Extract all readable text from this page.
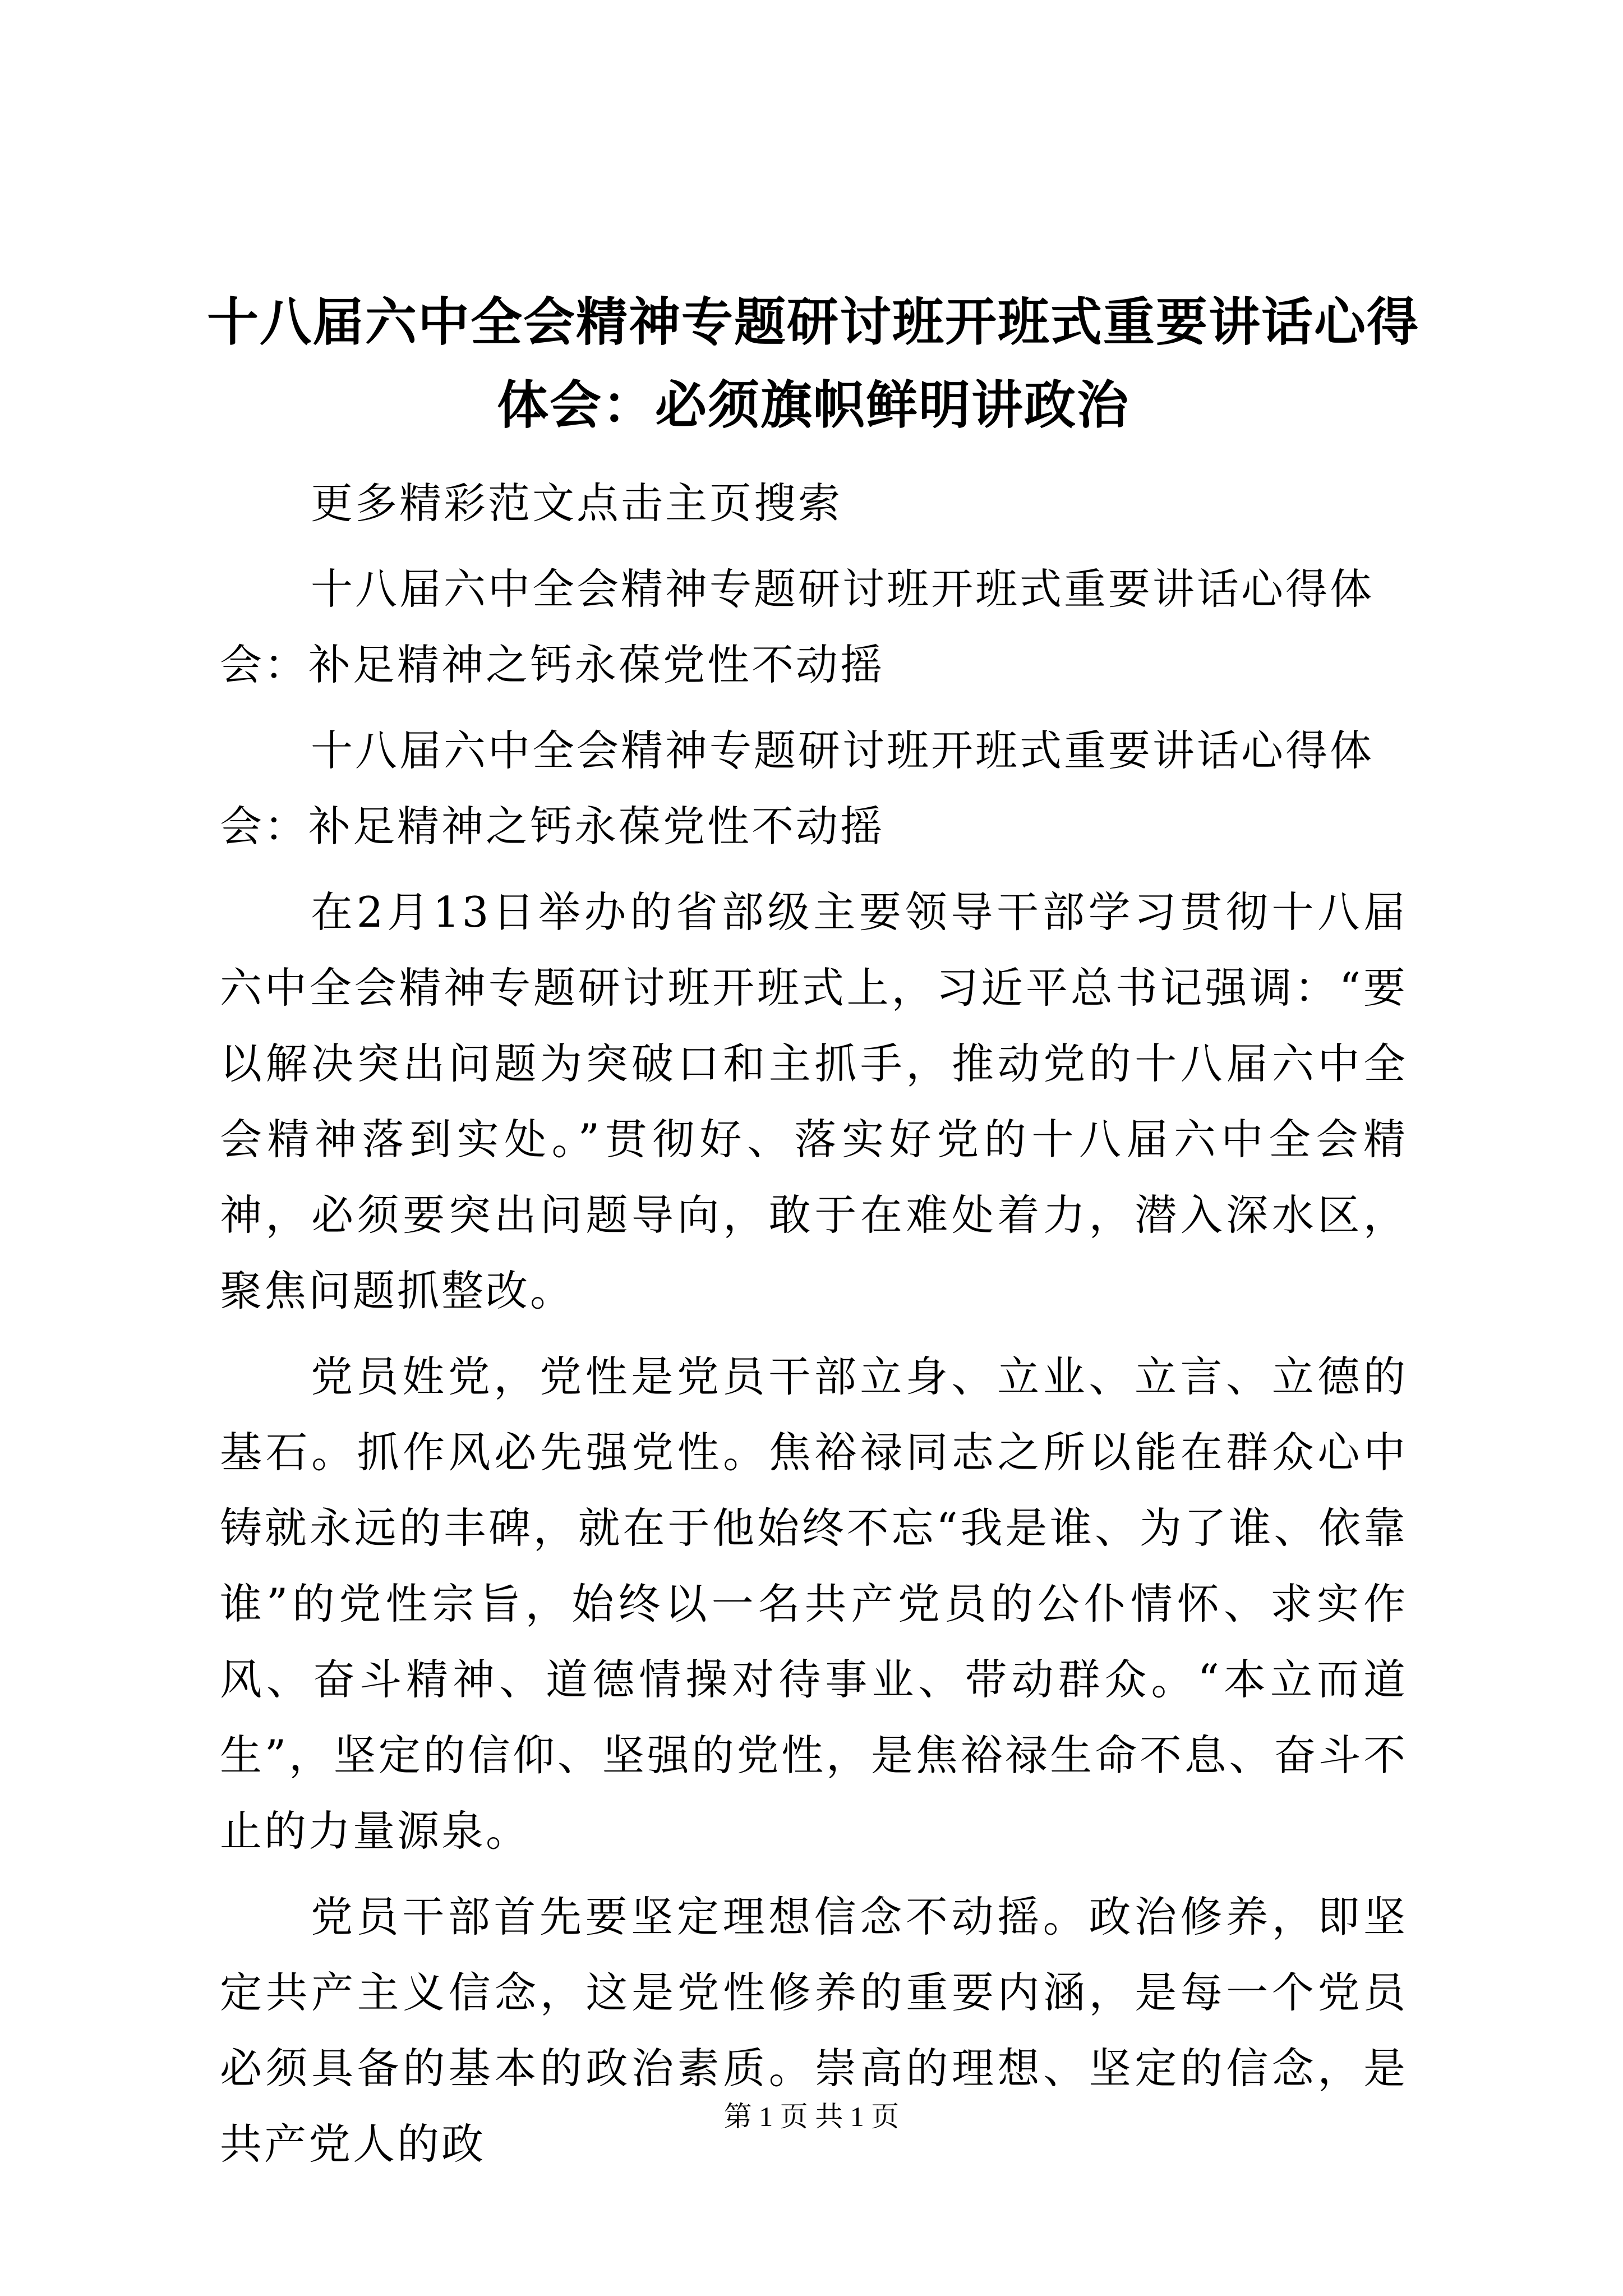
十八届六中全会精神专题研讨班开班式重要讲话心得体会：必须旗帜鲜明讲政治

更多精彩范文点击主页搜索

十八届六中全会精神专题研讨班开班式重要讲话心得体会：补足精神之钙永葆党性不动摇

十八届六中全会精神专题研讨班开班式重要讲话心得体会：补足精神之钙永葆党性不动摇

在2月13日举办的省部级主要领导干部学习贯彻十八届六中全会精神专题研讨班开班式上，习近平总书记强调：“要以解决突出问题为突破口和主抓手，推动党的十八届六中全会精神落到实处。”贯彻好、落实好党的十八届六中全会精神，必须要突出问题导向，敢于在难处着力，潜入深水区，聚焦问题抓整改。

党员姓党，党性是党员干部立身、立业、立言、立德的基石。抓作风必先强党性。焦裕禄同志之所以能在群众心中铸就永远的丰碑，就在于他始终不忘“我是谁、为了谁、依靠谁”的党性宗旨，始终以一名共产党员的公仆情怀、求实作风、奋斗精神、道德情操对待事业、带动群众。“本立而道生”，坚定的信仰、坚强的党性，是焦裕禄生命不息、奋斗不止的力量源泉。

党员干部首先要坚定理想信念不动摇。政治修养，即坚定共产主义信念，这是党性修养的重要内涵，是每一个党员必须具备的基本的政治素质。崇高的理想、坚定的信念，是共产党人的政

第 1 页 共 1 页
